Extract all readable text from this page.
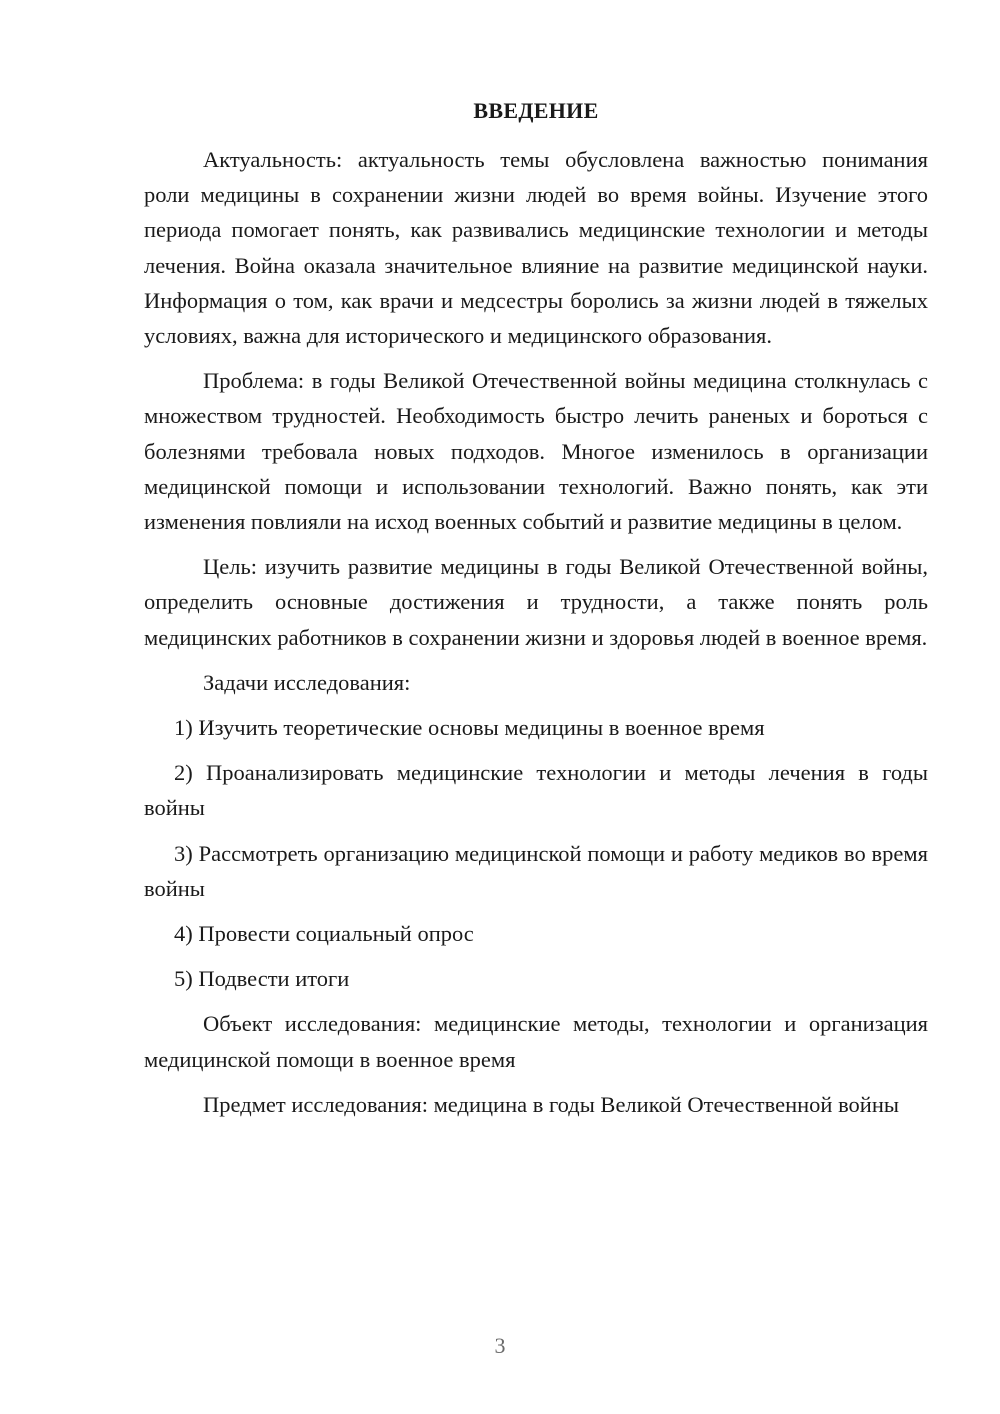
ВВЕДЕНИЕ

Актуальность: актуальность темы обусловлена важностью понимания роли медицины в сохранении жизни людей во время войны. Изучение этого периода помогает понять, как развивались медицинские технологии и методы лечения. Война оказала значительное влияние на развитие медицинской науки. Информация о том, как врачи и медсестры боролись за жизни людей в тяжелых условиях, важна для исторического и медицинского образования.

Проблема: в годы Великой Отечественной войны медицина столкнулась с множеством трудностей. Необходимость быстро лечить раненых и бороться с болезнями требовала новых подходов. Многое изменилось в организации медицинской помощи и использовании технологий. Важно понять, как эти изменения повлияли на исход военных событий и развитие медицины в целом.

Цель: изучить развитие медицины в годы Великой Отечественной войны, определить основные достижения и трудности, а также понять роль медицинских работников в сохранении жизни и здоровья людей в военное время.

Задачи исследования:

1) Изучить теоретические основы медицины в военное время

2) Проанализировать медицинские технологии и методы лечения в годы войны

3) Рассмотреть организацию медицинской помощи и работу медиков во время войны

4) Провести социальный опрос

5) Подвести итоги

Объект исследования: медицинские методы, технологии и организация медицинской помощи в военное время

Предмет исследования: медицина в годы Великой Отечественной войны

3
